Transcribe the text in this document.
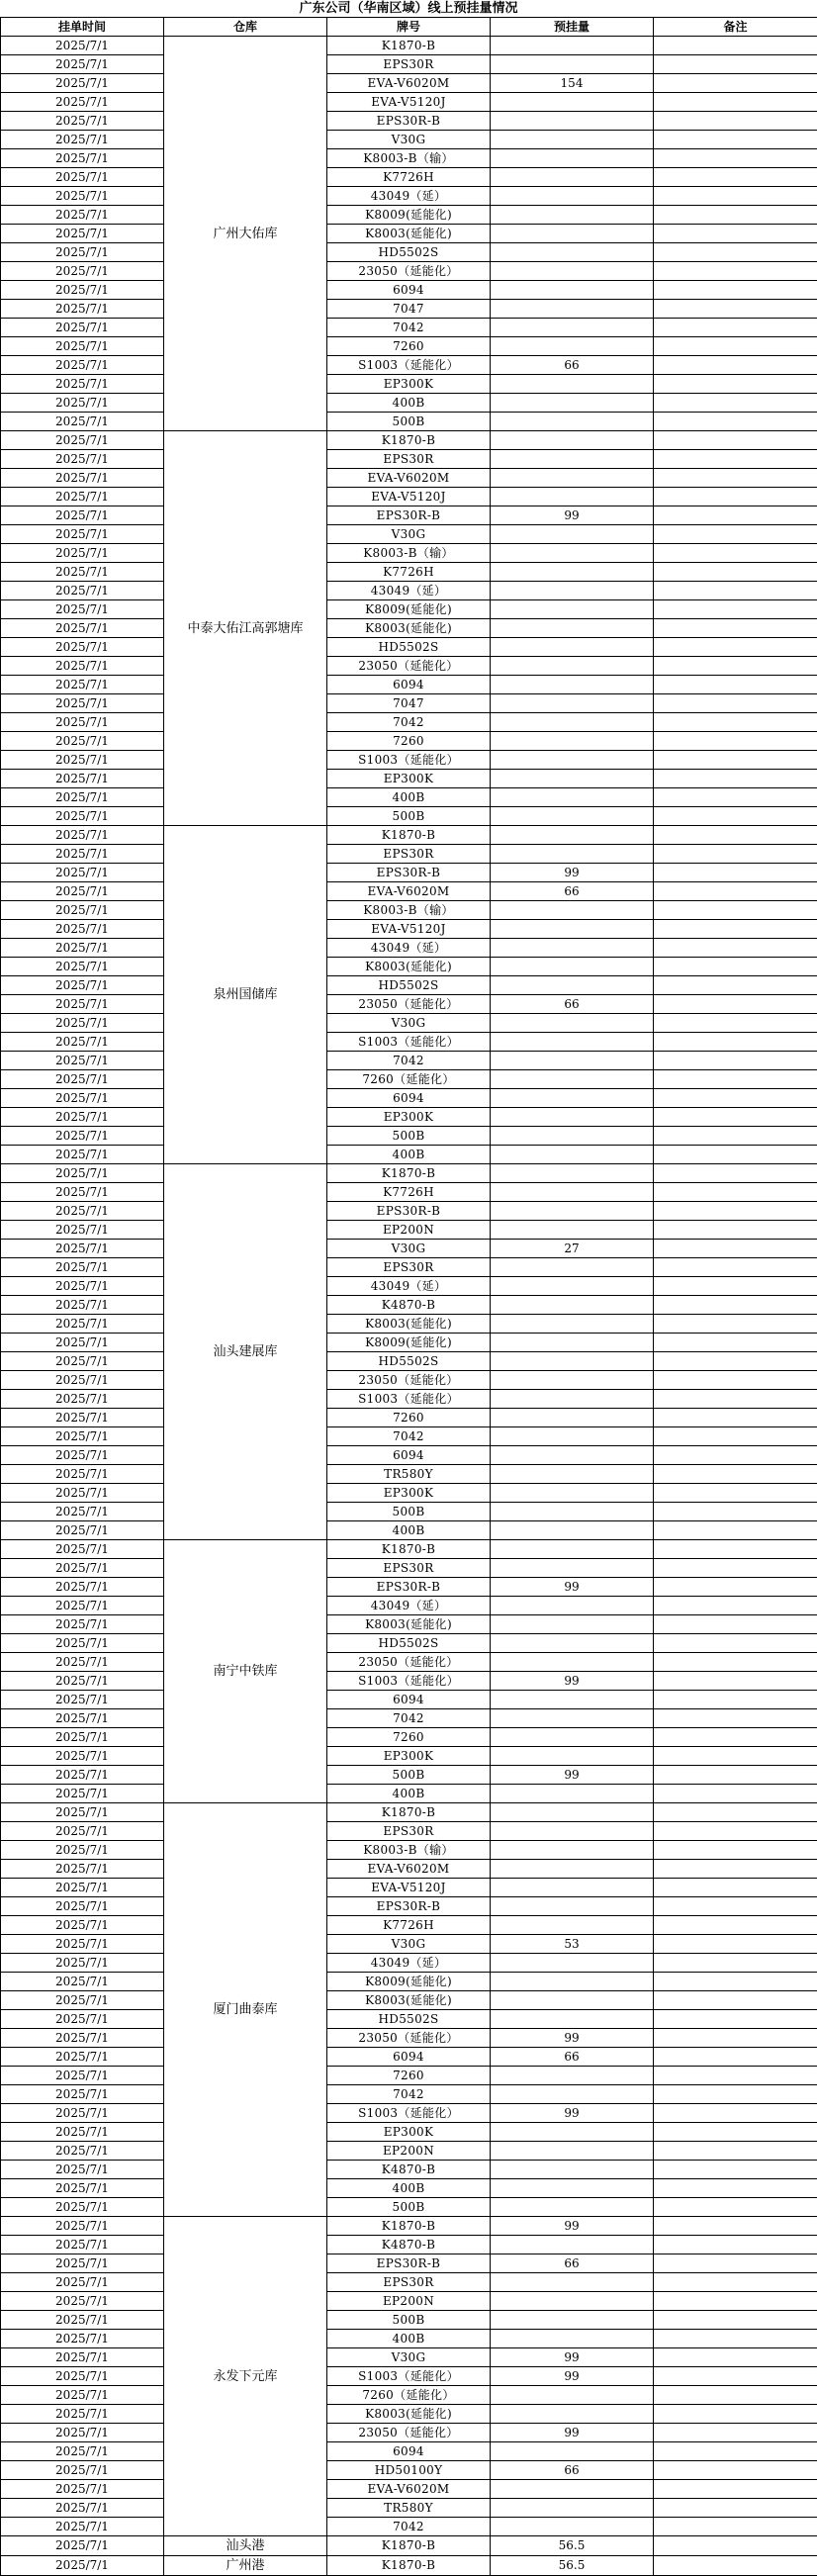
广东公司（华南区域）线上预挂量情况
挂单时间	仓库	牌号	预挂量	备注
2025/7/1	广州大佑库	K1870-B		
2025/7/1		EPS30R		
2025/7/1		EVA-V6020M	154	
2025/7/1		EVA-V5120J		
2025/7/1		EPS30R-B		
2025/7/1		V30G		
2025/7/1		K8003-B（输）		
2025/7/1		K7726H		
2025/7/1		43049（延）		
2025/7/1		K8009(延能化)		
2025/7/1		K8003(延能化)		
2025/7/1		HD5502S		
2025/7/1		23050（延能化）		
2025/7/1		6094		
2025/7/1		7047		
2025/7/1		7042		
2025/7/1		7260		
2025/7/1		S1003（延能化）	66	
2025/7/1		EP300K		
2025/7/1		400B		
2025/7/1		500B		
2025/7/1	中泰大佑江高郭塘库	K1870-B		
2025/7/1		EPS30R		
2025/7/1		EVA-V6020M		
2025/7/1		EVA-V5120J		
2025/7/1		EPS30R-B	99	
2025/7/1		V30G		
2025/7/1		K8003-B（输）		
2025/7/1		K7726H		
2025/7/1		43049（延）		
2025/7/1		K8009(延能化)		
2025/7/1		K8003(延能化)		
2025/7/1		HD5502S		
2025/7/1		23050（延能化）		
2025/7/1		6094		
2025/7/1		7047		
2025/7/1		7042		
2025/7/1		7260		
2025/7/1		S1003（延能化）		
2025/7/1		EP300K		
2025/7/1		400B		
2025/7/1		500B		
2025/7/1	泉州国储库	K1870-B		
2025/7/1		EPS30R		
2025/7/1		EPS30R-B	99	
2025/7/1		EVA-V6020M	66	
2025/7/1		K8003-B（输）		
2025/7/1		EVA-V5120J		
2025/7/1		43049（延）		
2025/7/1		K8003(延能化)		
2025/7/1		HD5502S		
2025/7/1		23050（延能化）	66	
2025/7/1		V30G		
2025/7/1		S1003（延能化）		
2025/7/1		7042		
2025/7/1		7260（延能化）		
2025/7/1		6094		
2025/7/1		EP300K		
2025/7/1		500B		
2025/7/1		400B		
2025/7/1	汕头建展库	K1870-B		
2025/7/1		K7726H		
2025/7/1		EPS30R-B		
2025/7/1		EP200N		
2025/7/1		V30G	27	
2025/7/1		EPS30R		
2025/7/1		43049（延）		
2025/7/1		K4870-B		
2025/7/1		K8003(延能化)		
2025/7/1		K8009(延能化)		
2025/7/1		HD5502S		
2025/7/1		23050（延能化）		
2025/7/1		S1003（延能化）		
2025/7/1		7260		
2025/7/1		7042		
2025/7/1		6094		
2025/7/1		TR580Y		
2025/7/1		EP300K		
2025/7/1		500B		
2025/7/1		400B		
2025/7/1	南宁中铁库	K1870-B		
2025/7/1		EPS30R		
2025/7/1		EPS30R-B	99	
2025/7/1		43049（延）		
2025/7/1		K8003(延能化)		
2025/7/1		HD5502S		
2025/7/1		23050（延能化）		
2025/7/1		S1003（延能化）	99	
2025/7/1		6094		
2025/7/1		7042		
2025/7/1		7260		
2025/7/1		EP300K		
2025/7/1		500B	99	
2025/7/1		400B		
2025/7/1	厦门曲泰库	K1870-B		
2025/7/1		EPS30R		
2025/7/1		K8003-B（输）		
2025/7/1		EVA-V6020M		
2025/7/1		EVA-V5120J		
2025/7/1		EPS30R-B		
2025/7/1		K7726H		
2025/7/1		V30G	53	
2025/7/1		43049（延）		
2025/7/1		K8009(延能化)		
2025/7/1		K8003(延能化)		
2025/7/1		HD5502S		
2025/7/1		23050（延能化）	99	
2025/7/1		6094	66	
2025/7/1		7260		
2025/7/1		7042		
2025/7/1		S1003（延能化）	99	
2025/7/1		EP300K		
2025/7/1		EP200N		
2025/7/1		K4870-B		
2025/7/1		400B		
2025/7/1		500B		
2025/7/1	永发下元库	K1870-B	99	
2025/7/1		K4870-B		
2025/7/1		EPS30R-B	66	
2025/7/1		EPS30R		
2025/7/1		EP200N		
2025/7/1		500B		
2025/7/1		400B		
2025/7/1		V30G	99	
2025/7/1		S1003（延能化）	99	
2025/7/1		7260（延能化）		
2025/7/1		K8003(延能化)		
2025/7/1		23050（延能化）	99	
2025/7/1		6094		
2025/7/1		HD50100Y	66	
2025/7/1		EVA-V6020M		
2025/7/1		TR580Y		
2025/7/1		7042		
2025/7/1	汕头港	K1870-B	56.5	
2025/7/1	广州港	K1870-B	56.5	
